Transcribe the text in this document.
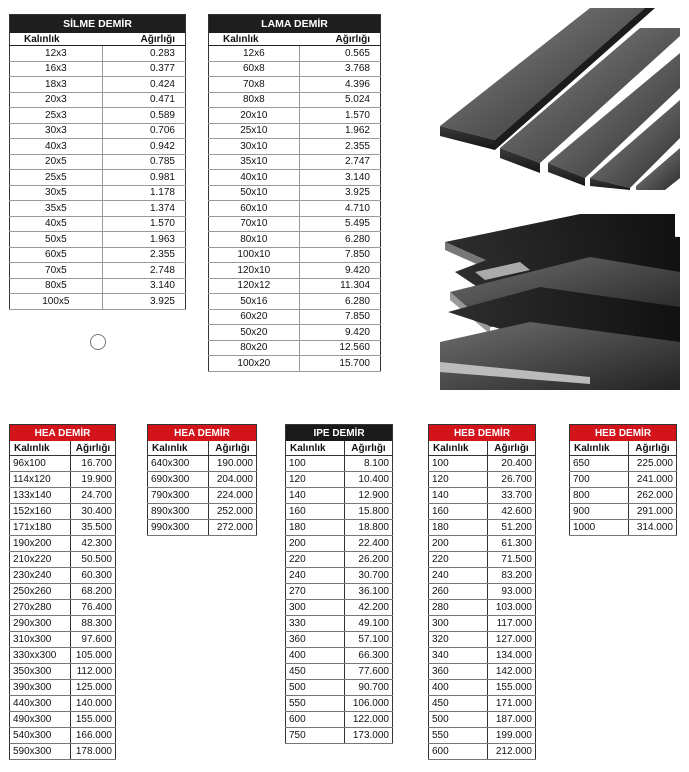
SİLME DEMİR	
Kalınlık	Ağırlığı
12x3	0.283
16x3	0.377
18x3	0.424
20x3	0.471
25x3	0.589
30x3	0.706
40x3	0.942
20x5	0.785
25x5	0.981
30x5	1.178
35x5	1.374
40x5	1.570
50x5	1.963
60x5	2.355
70x5	2.748
80x5	3.140
100x5	3.925
LAMA DEMİR	
Kalınlık	Ağırlığı
12x6	0.565
60x8	3.768
70x8	4.396
80x8	5.024
20x10	1.570
25x10	1.962
30x10	2.355
35x10	2.747
40x10	3.140
50x10	3.925
60x10	4.710
70x10	5.495
80x10	6.280
100x10	7.850
120x10	9.420
120x12	11.304
50x16	6.280
60x20	7.850
50x20	9.420
80x20	12.560
100x20	15.700
HEA DEMİR	
Kalınlık	Ağırlığı
96x100	16.700
114x120	19.900
133x140	24.700
152x160	30.400
171x180	35.500
190x200	42.300
210x220	50.500
230x240	60.300
250x260	68.200
270x280	76.400
290x300	88.300
310x300	97.600
330xx300	105.000
350x300	112.000
390x300	125.000
440x300	140.000
490x300	155.000
540x300	166.000
590x300	178.000
HEA DEMİR	
Kalınlık	Ağırlığı
640x300	190.000
690x300	204.000
790x300	224.000
890x300	252.000
990x300	272.000
IPE DEMİR	
Kalınlık	Ağırlığı
100	8.100
120	10.400
140	12.900
160	15.800
180	18.800
200	22.400
220	26.200
240	30.700
270	36.100
300	42.200
330	49.100
360	57.100
400	66.300
450	77.600
500	90.700
550	106.000
600	122.000
750	173.000
HEB DEMİR	
Kalınlık	Ağırlığı
100	20.400
120	26.700
140	33.700
160	42.600
180	51.200
200	61.300
220	71.500
240	83.200
260	93.000
280	103.000
300	117.000
320	127.000
340	134.000
360	142.000
400	155.000
450	171.000
500	187.000
550	199.000
600	212.000
HEB DEMİR	
Kalınlık	Ağırlığı
650	225.000
700	241.000
800	262.000
900	291.000
1000	314.000
